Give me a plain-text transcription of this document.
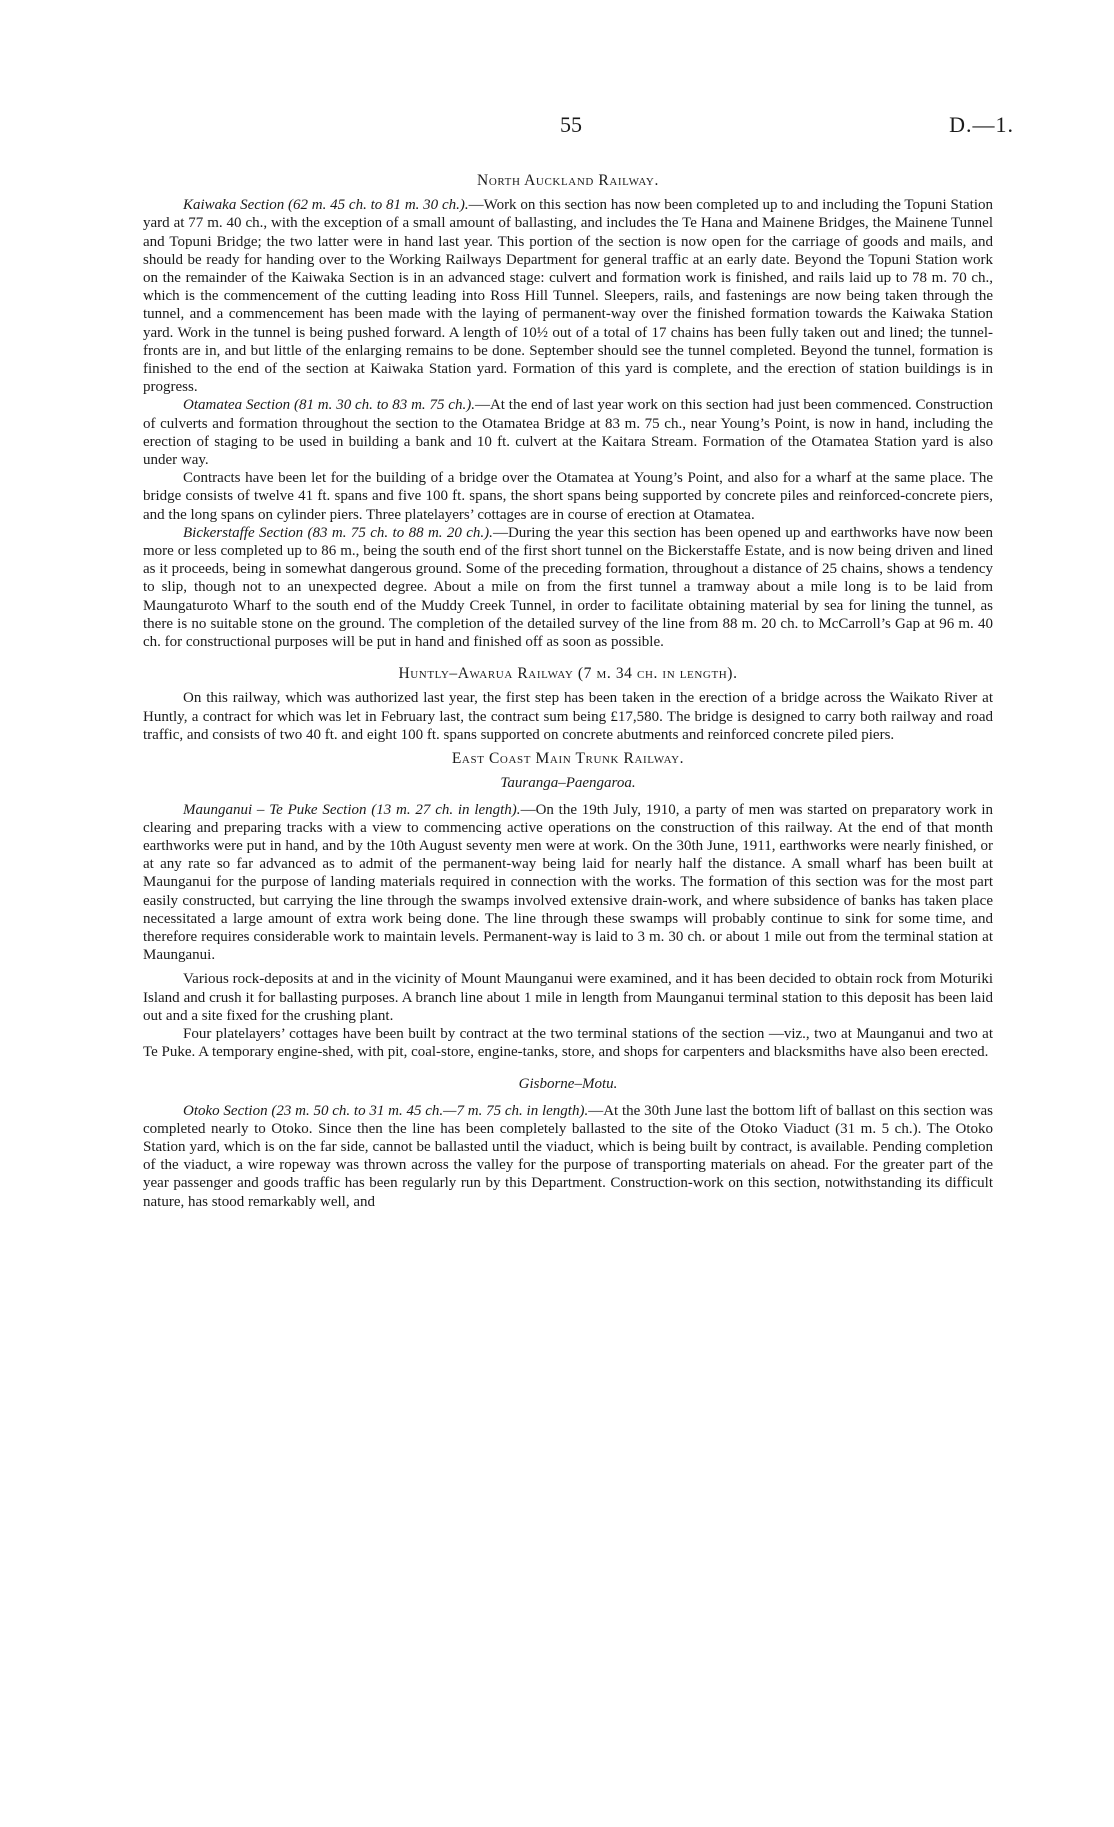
55	D.—1.
North Auckland Railway.

Kaiwaka Section (62 m. 45 ch. to 81 m. 30 ch.).—Work on this section has now been completed up to and including the Topuni Station yard at 77 m. 40 ch., with the exception of a small amount of ballasting, and includes the Te Hana and Mainene Bridges, the Mainene Tunnel and Topuni Bridge; the two latter were in hand last year. This portion of the section is now open for the carriage of goods and mails, and should be ready for handing over to the Working Railways Department for general traffic at an early date. Beyond the Topuni Station work on the remainder of the Kaiwaka Section is in an advanced stage: culvert and formation work is finished, and rails laid up to 78 m. 70 ch., which is the commencement of the cutting leading into Ross Hill Tunnel. Sleepers, rails, and fastenings are now being taken through the tunnel, and a commencement has been made with the laying of permanent-way over the finished formation towards the Kaiwaka Station yard. Work in the tunnel is being pushed forward. A length of 10½ out of a total of 17 chains has been fully taken out and lined; the tunnel-fronts are in, and but little of the enlarging remains to be done. September should see the tunnel completed. Beyond the tunnel, formation is finished to the end of the section at Kaiwaka Station yard. Formation of this yard is complete, and the erection of station buildings is in progress.

Otamatea Section (81 m. 30 ch. to 83 m. 75 ch.).—At the end of last year work on this section had just been commenced. Construction of culverts and formation throughout the section to the Otamatea Bridge at 83 m. 75 ch., near Young’s Point, is now in hand, including the erection of staging to be used in building a bank and 10 ft. culvert at the Kaitara Stream. Formation of the Otamatea Station yard is also under way.

Contracts have been let for the building of a bridge over the Otamatea at Young’s Point, and also for a wharf at the same place. The bridge consists of twelve 41 ft. spans and five 100 ft. spans, the short spans being supported by concrete piles and reinforced-concrete piers, and the long spans on cylinder piers. Three platelayers’ cottages are in course of erection at Otamatea.

Bickerstaffe Section (83 m. 75 ch. to 88 m. 20 ch.).—During the year this section has been opened up and earthworks have now been more or less completed up to 86 m., being the south end of the first short tunnel on the Bickerstaffe Estate, and is now being driven and lined as it proceeds, being in somewhat dangerous ground. Some of the preceding formation, throughout a distance of 25 chains, shows a tendency to slip, though not to an unexpected degree. About a mile on from the first tunnel a tramway about a mile long is to be laid from Maungaturoto Wharf to the south end of the Muddy Creek Tunnel, in order to facilitate obtaining material by sea for lining the tunnel, as there is no suitable stone on the ground. The completion of the detailed survey of the line from 88 m. 20 ch. to McCarroll’s Gap at 96 m. 40 ch. for constructional purposes will be put in hand and finished off as soon as possible.

Huntly–Awarua Railway (7 m. 34 ch. in length).

On this railway, which was authorized last year, the first step has been taken in the erection of a bridge across the Waikato River at Huntly, a contract for which was let in February last, the contract sum being £17,580. The bridge is designed to carry both railway and road traffic, and consists of two 40 ft. and eight 100 ft. spans supported on concrete abutments and reinforced concrete piled piers.

East Coast Main Trunk Railway.
Tauranga–Paengaroa.

Maunganui – Te Puke Section (13 m. 27 ch. in length).—On the 19th July, 1910, a party of men was started on preparatory work in clearing and preparing tracks with a view to commencing active operations on the construction of this railway. At the end of that month earthworks were put in hand, and by the 10th August seventy men were at work. On the 30th June, 1911, earthworks were nearly finished, or at any rate so far advanced as to admit of the permanent-way being laid for nearly half the distance. A small wharf has been built at Maunganui for the purpose of landing materials required in connection with the works. The formation of this section was for the most part easily constructed, but carrying the line through the swamps involved extensive drain-work, and where subsidence of banks has taken place necessitated a large amount of extra work being done. The line through these swamps will probably continue to sink for some time, and therefore requires considerable work to maintain levels. Permanent-way is laid to 3 m. 30 ch. or about 1 mile out from the terminal station at Maunganui.

Various rock-deposits at and in the vicinity of Mount Maunganui were examined, and it has been decided to obtain rock from Moturiki Island and crush it for ballasting purposes. A branch line about 1 mile in length from Maunganui terminal station to this deposit has been laid out and a site fixed for the crushing plant.

Four platelayers’ cottages have been built by contract at the two terminal stations of the section —viz., two at Maunganui and two at Te Puke. A temporary engine-shed, with pit, coal-store, engine-tanks, store, and shops for carpenters and blacksmiths have also been erected.

Gisborne–Motu.

Otoko Section (23 m. 50 ch. to 31 m. 45 ch.—7 m. 75 ch. in length).—At the 30th June last the bottom lift of ballast on this section was completed nearly to Otoko. Since then the line has been completely ballasted to the site of the Otoko Viaduct (31 m. 5 ch.). The Otoko Station yard, which is on the far side, cannot be ballasted until the viaduct, which is being built by contract, is available. Pending completion of the viaduct, a wire ropeway was thrown across the valley for the purpose of transporting materials on ahead. For the greater part of the year passenger and goods traffic has been regularly run by this Department. Construction-work on this section, notwithstanding its difficult nature, has stood remarkably well, and
